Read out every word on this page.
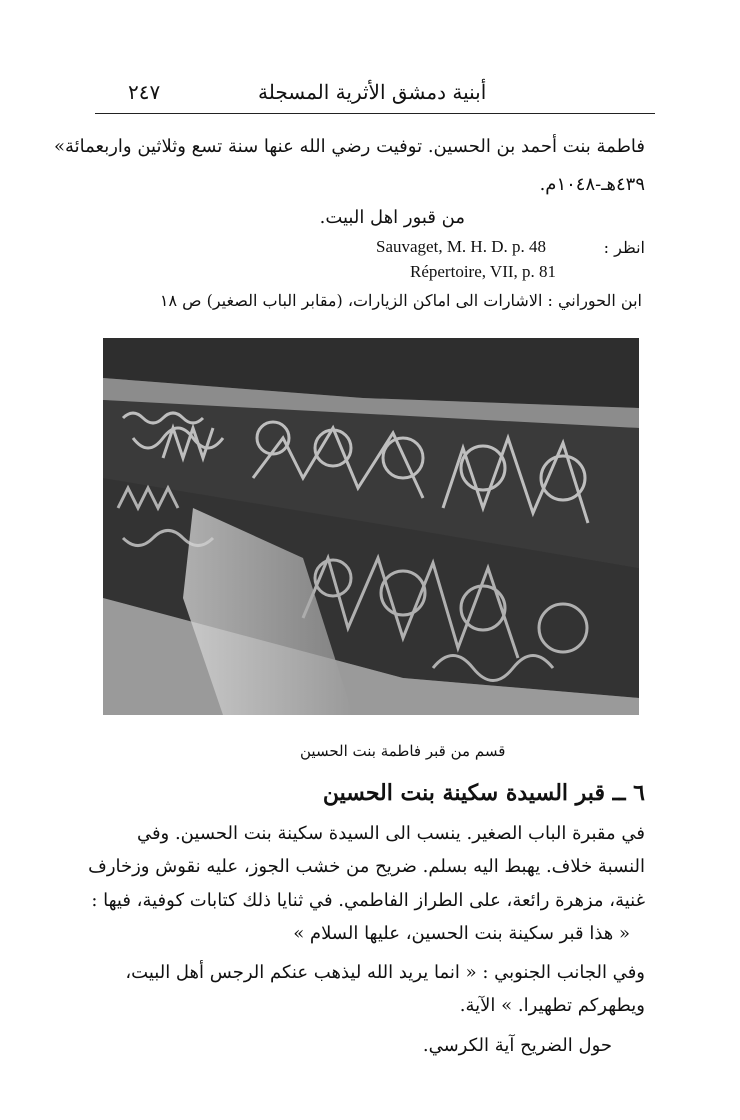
٢٤٧	أبنية دمشق الأثرية المسجلة
فاطمة بنت أحمد بن الحسين. توفيت رضي الله عنها سنة تسع وثلاثين واربعمائة»
٤٣٩هـ-١٠٤٨م.
من قبور اهل البيت.
انظر :
Sauvaget, M. H. D. p. 48
Répertoire, VII, p. 81
ابن الحوراني : الاشارات الى اماكن الزيارات، (مقابر الباب الصغير) ص ١٨
قسم من قبر فاطمة بنت الحسين
٦ ــ قبر السيدة سكينة بنت الحسين
في مقبرة الباب الصغير. ينسب الى السيدة سكينة بنت الحسين. وفي
النسبة خلاف. يهبط اليه بسلم. ضريح من خشب الجوز، عليه نقوش وزخارف
غنية، مزهرة رائعة، على الطراز الفاطمي. في ثنايا ذلك كتابات كوفية، فيها :
« هذا قبر سكينة بنت الحسين، عليها السلام »
وفي الجانب الجنوبي : « انما يريد الله ليذهب عنكم الرجس أهل البيت،
ويطهركم تطهيرا. » الآية.
حول الضريح آية الكرسي.
